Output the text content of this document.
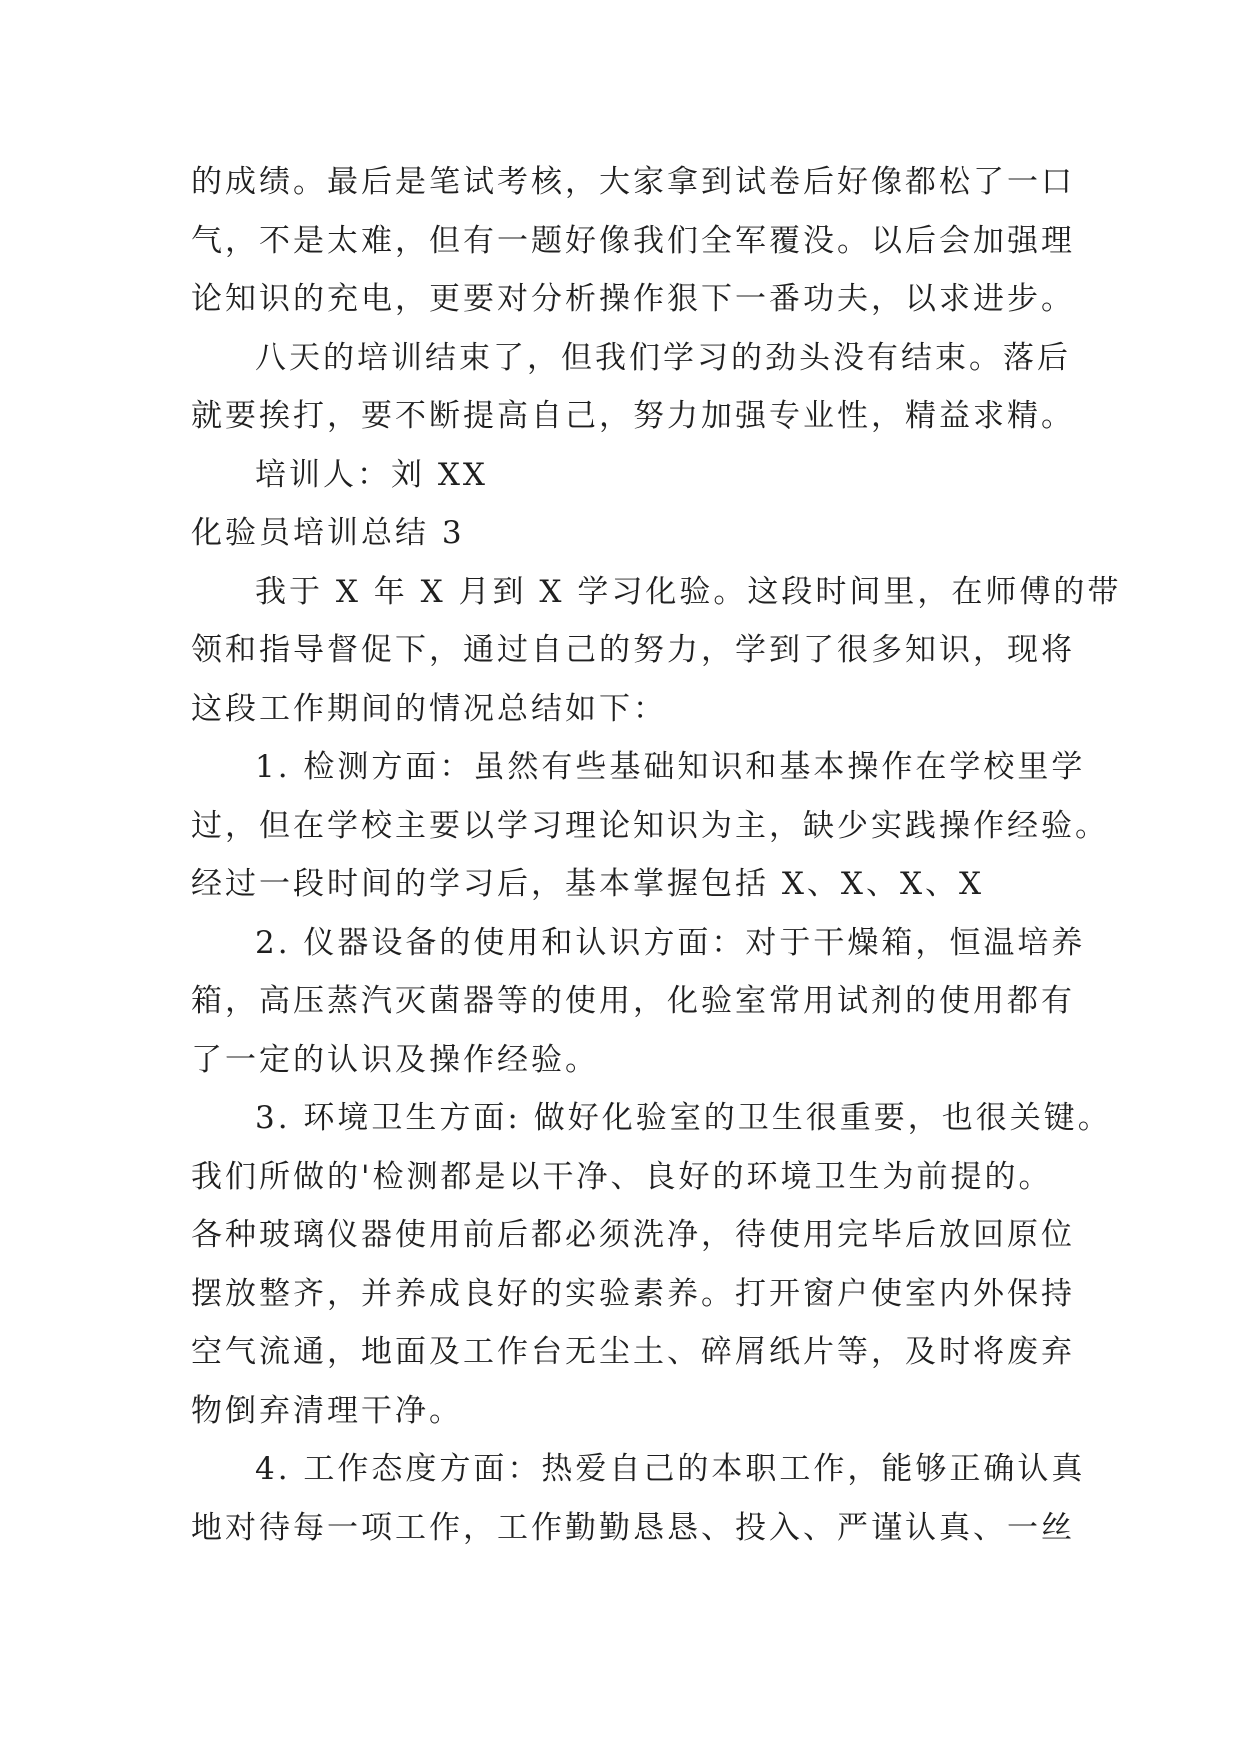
的成绩。最后是笔试考核，大家拿到试卷后好像都松了一口
气，不是太难，但有一题好像我们全军覆没。以后会加强理
论知识的充电，更要对分析操作狠下一番功夫，以求进步。
八天的培训结束了，但我们学习的劲头没有结束。落后
就要挨打，要不断提高自己，努力加强专业性，精益求精。
培训人：刘 XX
化验员培训总结 3
我于 X 年 X 月到 X 学习化验。这段时间里，在师傅的带
领和指导督促下，通过自己的努力，学到了很多知识，现将
这段工作期间的情况总结如下：
1. 检测方面：虽然有些基础知识和基本操作在学校里学
过，但在学校主要以学习理论知识为主，缺少实践操作经验。
经过一段时间的学习后，基本掌握包括 X、X、X、X
2. 仪器设备的使用和认识方面：对于干燥箱，恒温培养
箱，高压蒸汽灭菌器等的使用，化验室常用试剂的使用都有
了一定的认识及操作经验。
3. 环境卫生方面: 做好化验室的卫生很重要，也很关键。
我们所做的'检测都是以干净、良好的环境卫生为前提的。
各种玻璃仪器使用前后都必须洗净，待使用完毕后放回原位
摆放整齐，并养成良好的实验素养。打开窗户使室内外保持
空气流通，地面及工作台无尘土、碎屑纸片等，及时将废弃
物倒弃清理干净。
4. 工作态度方面：热爱自己的本职工作，能够正确认真
地对待每一项工作，工作勤勤恳恳、投入、严谨认真、一丝
